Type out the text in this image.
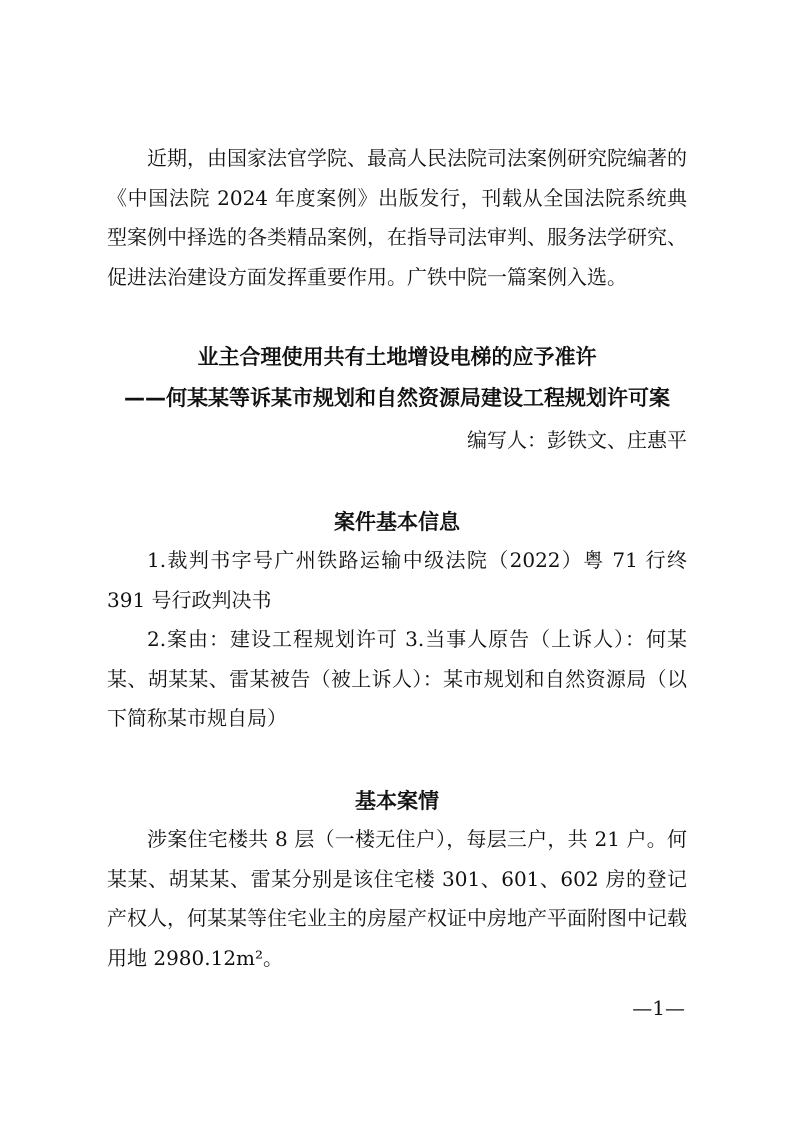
近期，由国家法官学院、最高人民法院司法案例研究院编著的《中国法院 2024 年度案例》出版发行，刊载从全国法院系统典型案例中择选的各类精品案例，在指导司法审判、服务法学研究、促进法治建设方面发挥重要作用。广铁中院一篇案例入选。

业主合理使用共有土地增设电梯的应予准许

——何某某等诉某市规划和自然资源局建设工程规划许可案

编写人：彭铁文、庄惠平

案件基本信息

1.裁判书字号广州铁路运输中级法院（2022）粤 71 行终 391 号行政判决书

2.案由：建设工程规划许可 3.当事人原告（上诉人）：何某某、胡某某、雷某被告（被上诉人）：某市规划和自然资源局（以下简称某市规自局）

基本案情

涉案住宅楼共 8 层（一楼无住户），每层三户，共 21 户。何某某、胡某某、雷某分别是该住宅楼 301、601、602 房的登记产权人，何某某等住宅业主的房屋产权证中房地产平面附图中记载用地 2980.12m²。

—1—
